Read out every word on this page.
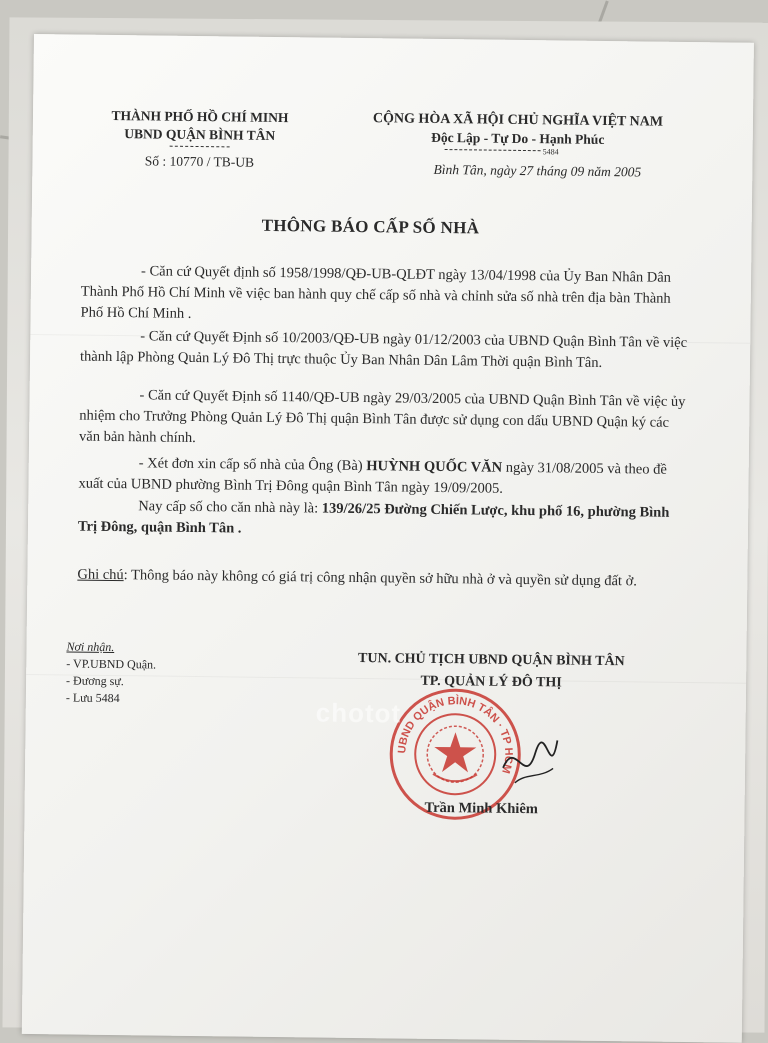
THÀNH PHỐ HỒ CHÍ MINH
UBND QUẬN BÌNH TÂN
Số : 10770 / TB-UB
CỘNG HÒA XÃ HỘI CHỦ NGHĨA VIỆT NAM
Độc Lập - Tự Do - Hạnh Phúc
5484
Bình Tân, ngày 27 tháng 09 năm 2005
THÔNG BÁO CẤP SỐ NHÀ
- Căn cứ Quyết định số 1958/1998/QĐ-UB-QLĐT ngày 13/04/1998 của Ủy Ban Nhân Dân Thành Phố Hồ Chí Minh về việc ban hành quy chế cấp số nhà và chỉnh sửa số nhà trên địa bàn Thành Phố Hồ Chí Minh .
- Căn cứ Quyết Định số 10/2003/QĐ-UB ngày 01/12/2003 của UBND Quận Bình Tân về việc thành lập Phòng Quản Lý Đô Thị trực thuộc Ủy Ban Nhân Dân Lâm Thời quận Bình Tân.
- Căn cứ Quyết Định số 1140/QĐ-UB ngày 29/03/2005 của UBND Quận Bình Tân về việc ủy nhiệm cho Trưởng Phòng Quản Lý Đô Thị quận Bình Tân được sử dụng con dấu UBND Quận ký các văn bản hành chính.
- Xét đơn xin cấp số nhà của Ông (Bà) HUỲNH QUỐC VĂN ngày 31/08/2005 và theo đề xuất của UBND phường Bình Trị Đông quận Bình Tân ngày 19/09/2005.
Nay cấp số cho căn nhà này là: 139/26/25 Đường Chiến Lược, khu phố 16, phường Bình Trị Đông, quận Bình Tân .
Ghi chú: Thông báo này không có giá trị công nhận quyền sở hữu nhà ở và quyền sử dụng đất ở.
Nơi nhận.
- VP.UBND Quận.
- Đương sự.
- Lưu 5484
TUN. CHỦ TỊCH UBND QUẬN BÌNH TÂN
TP. QUẢN LÝ ĐÔ THỊ
UBND QUẬN BÌNH TÂN · TP HCM
Trần Minh Khiêm
chotot
